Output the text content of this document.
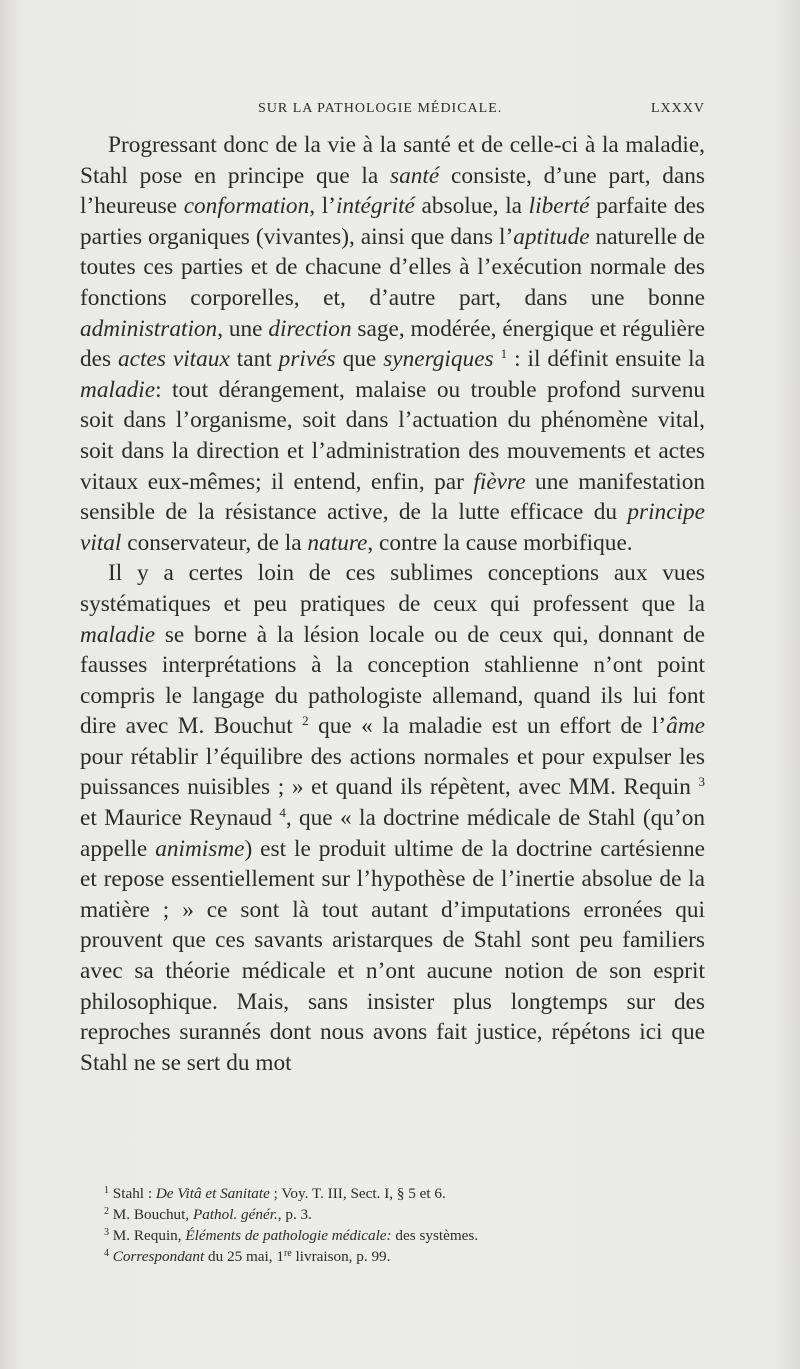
SUR LA PATHOLOGIE MÉDICALE.	LXXXV

Progressant donc de la vie à la santé et de celle-ci à la maladie, Stahl pose en principe que la santé consiste, d’une part, dans l’heureuse conformation, l’intégrité absolue, la liberté parfaite des parties organiques (vivantes), ainsi que dans l’aptitude naturelle de toutes ces parties et de chacune d’elles à l’exécution normale des fonctions corporelles, et, d’autre part, dans une bonne administration, une direction sage, modérée, énergique et régulière des actes vitaux tant privés que synergiques $^1$ : il définit ensuite la maladie: tout dérangement, malaise ou trouble profond survenu soit dans l’organisme, soit dans l’actuation du phénomène vital, soit dans la direction et l’administration des mouvements et actes vitaux eux-mêmes; il entend, enfin, par fièvre une manifestation sensible de la résistance active, de la lutte efficace du principe vital conservateur, de la nature, contre la cause morbifique.

Il y a certes loin de ces sublimes conceptions aux vues systématiques et peu pratiques de ceux qui professent que la maladie se borne à la lésion locale ou de ceux qui, donnant de fausses interprétations à la conception stahlienne n’ont point compris le langage du pathologiste allemand, quand ils lui font dire avec M. Bouchut $^2$ que « la maladie est un effort de l’âme pour rétablir l’équilibre des actions normales et pour expulser les puissances nuisibles ; » et quand ils répètent, avec MM. Requin $^3$ et Maurice Reynaud $^4$, que « la doctrine médicale de Stahl (qu’on appelle animisme) est le produit ultime de la doctrine cartésienne et repose essentiellement sur l’hypothèse de l’inertie absolue de la matière ; » ce sont là tout autant d’imputations erronées qui prouvent que ces savants aristarques de Stahl sont peu familiers avec sa théorie médicale et n’ont aucune notion de son esprit philosophique. Mais, sans insister plus longtemps sur des reproches surannés dont nous avons fait justice, répétons ici que Stahl ne se sert du mot

$^1$ Stahl : De Vitâ et Sanitate ; Voy. T. III, Sect. I, § 5 et 6.
$^2$ M. Bouchut, Pathol. génér., p. 3.
$^3$ M. Requin, Éléments de pathologie médicale: des systèmes.
$^4$ Correspondant du 25 mai, 1re livraison, p. 99.
